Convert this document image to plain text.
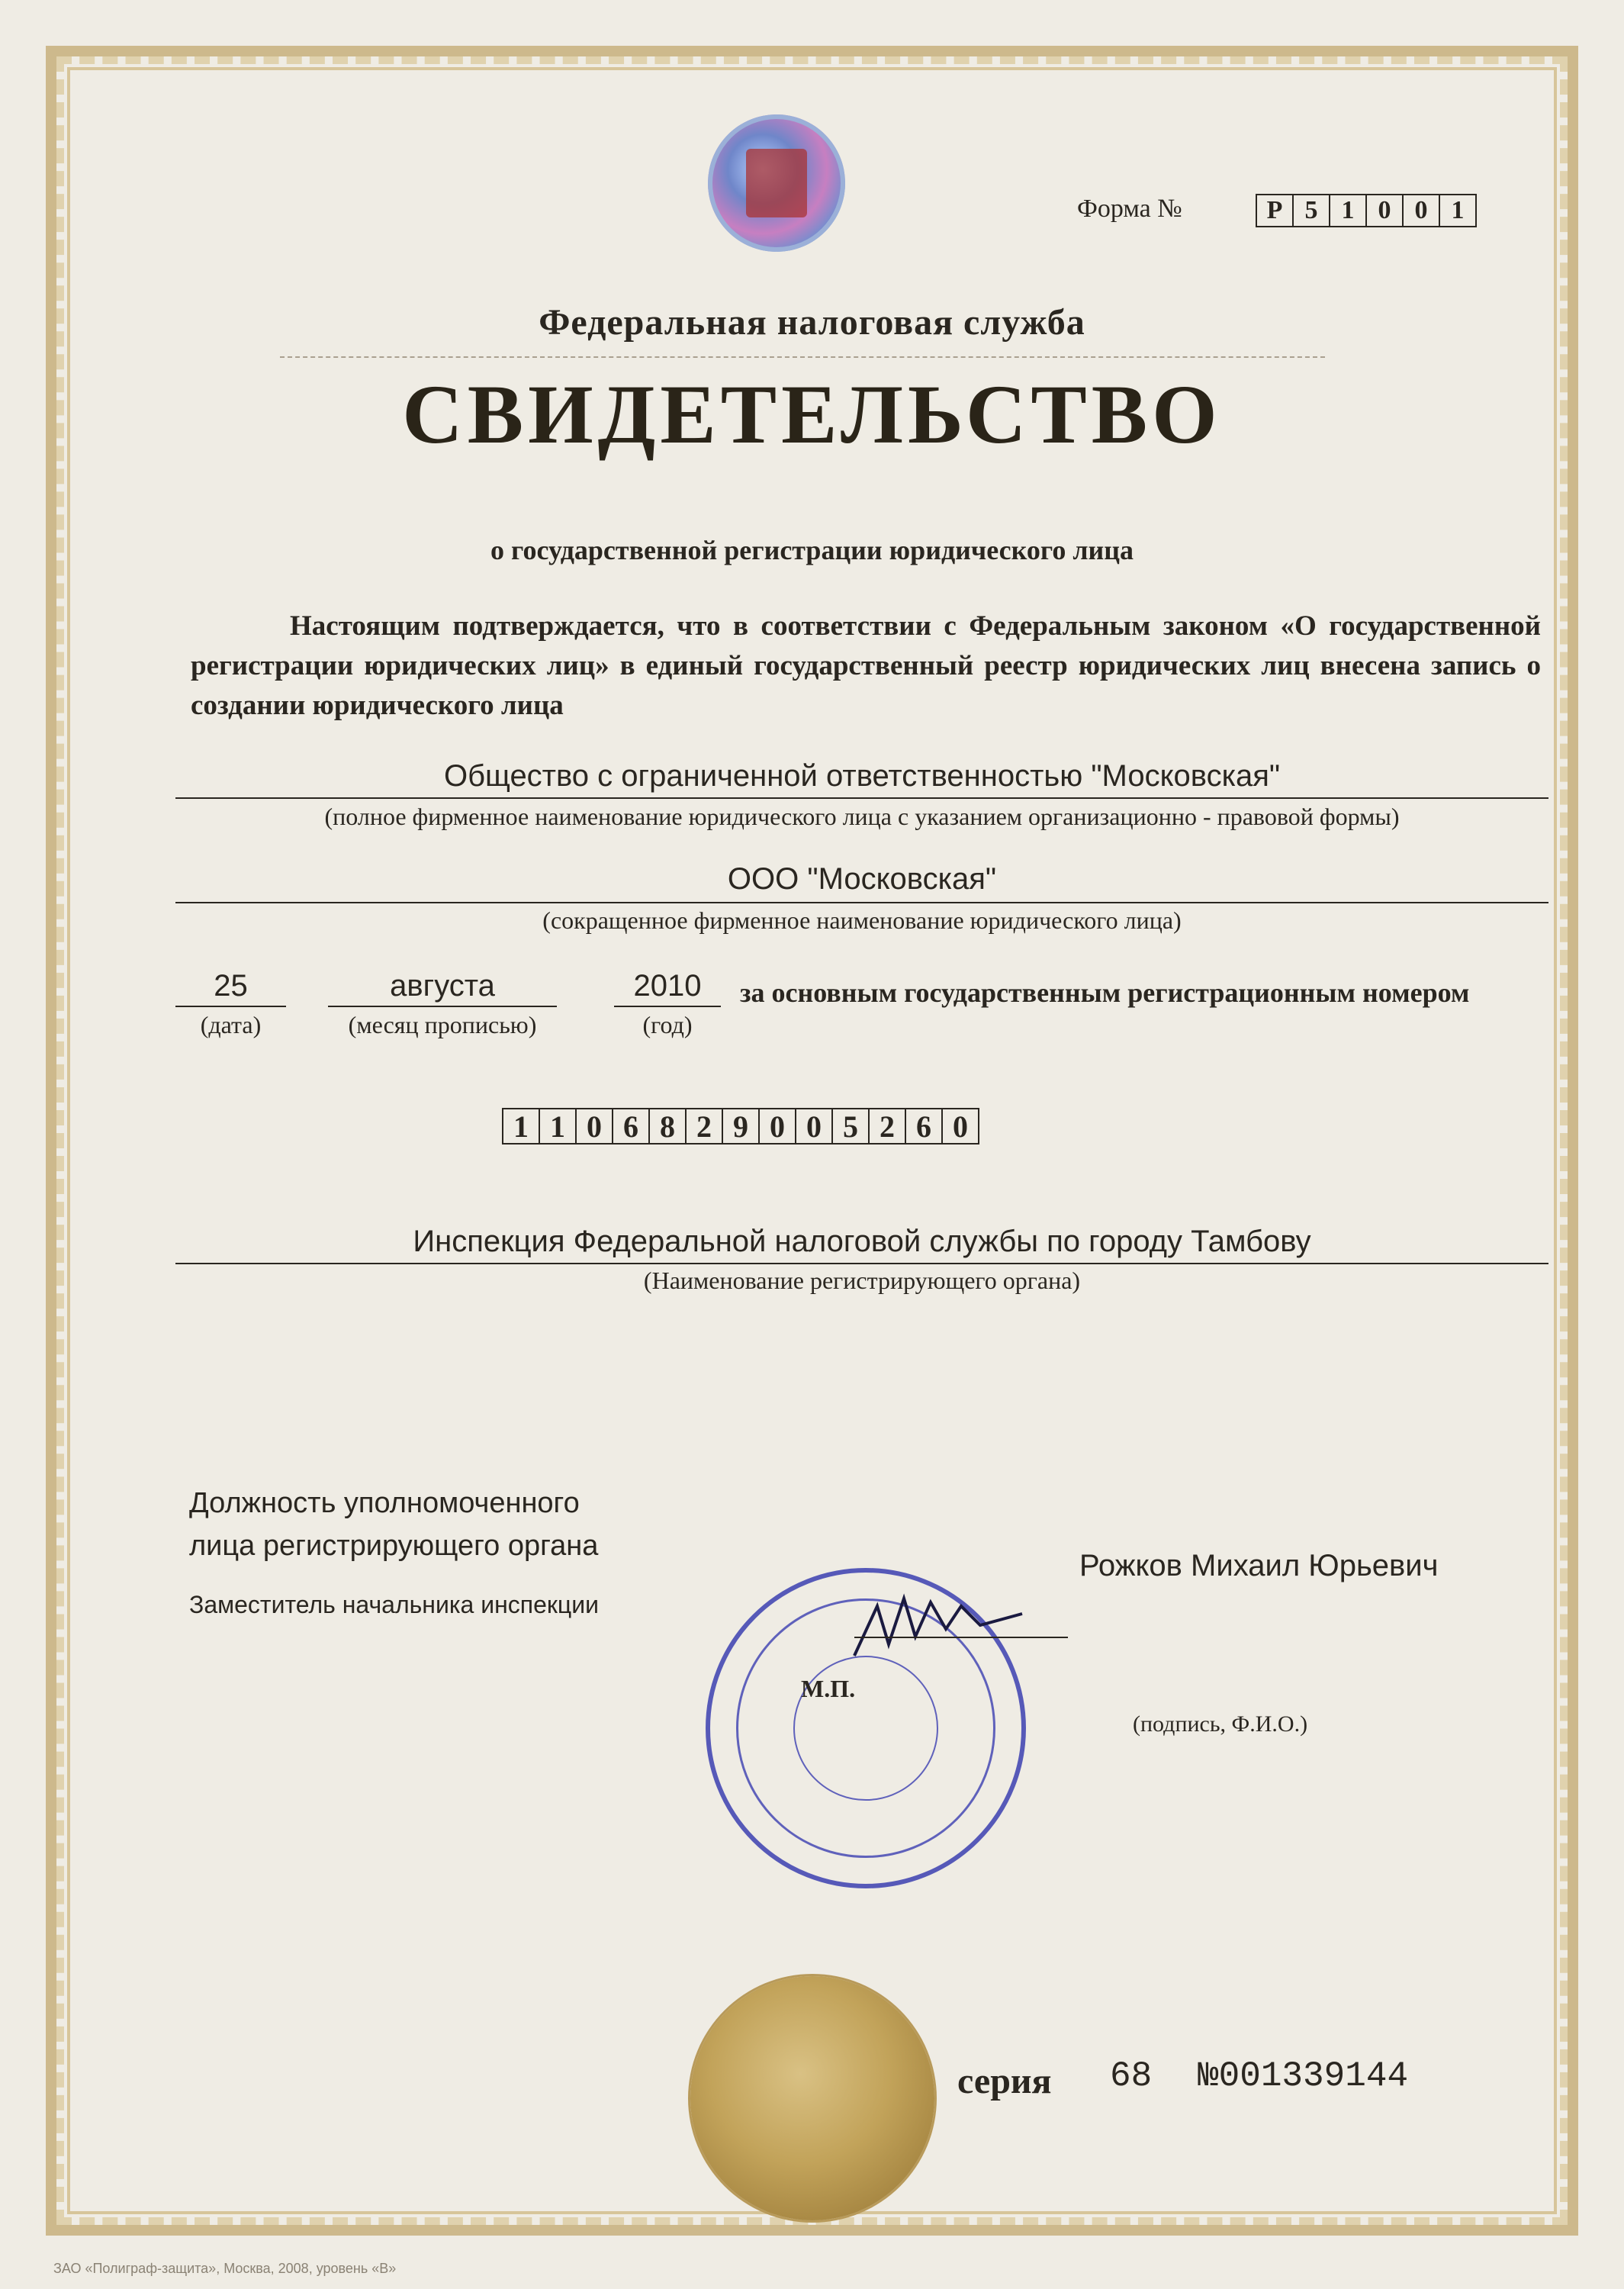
Форма №	Р 5 1 0 0 1
Федеральная налоговая служба
СВИДЕТЕЛЬСТВО
о государственной регистрации юридического лица
Настоящим подтверждается, что в соответствии с Федеральным законом «О государственной регистрации юридических лиц» в единый государственный реестр юридических лиц внесена запись о создании юридического лица
Общество с ограниченной ответственностью "Московская"
(полное фирменное наименование юридического лица с указанием организационно - правовой формы)
ООО "Московская"
(сокращенное фирменное наименование юридического лица)
25	августа	2010
(дата)	(месяц прописью)	(год)
за основным государственным регистрационным номером
1 1 0 6 8 2 9 0 0 5 2 6 0
Инспекция Федеральной налоговой службы по городу Тамбову
(Наименование регистрирующего органа)
Должность уполномоченного
лица регистрирующего органа
Заместитель начальника инспекции
Рожков Михаил Юрьевич
(подпись, Ф.И.О.)
М.П.
серия 68 №001339144
ЗАО «Полиграф-защита», Москва, 2008, уровень «В»
